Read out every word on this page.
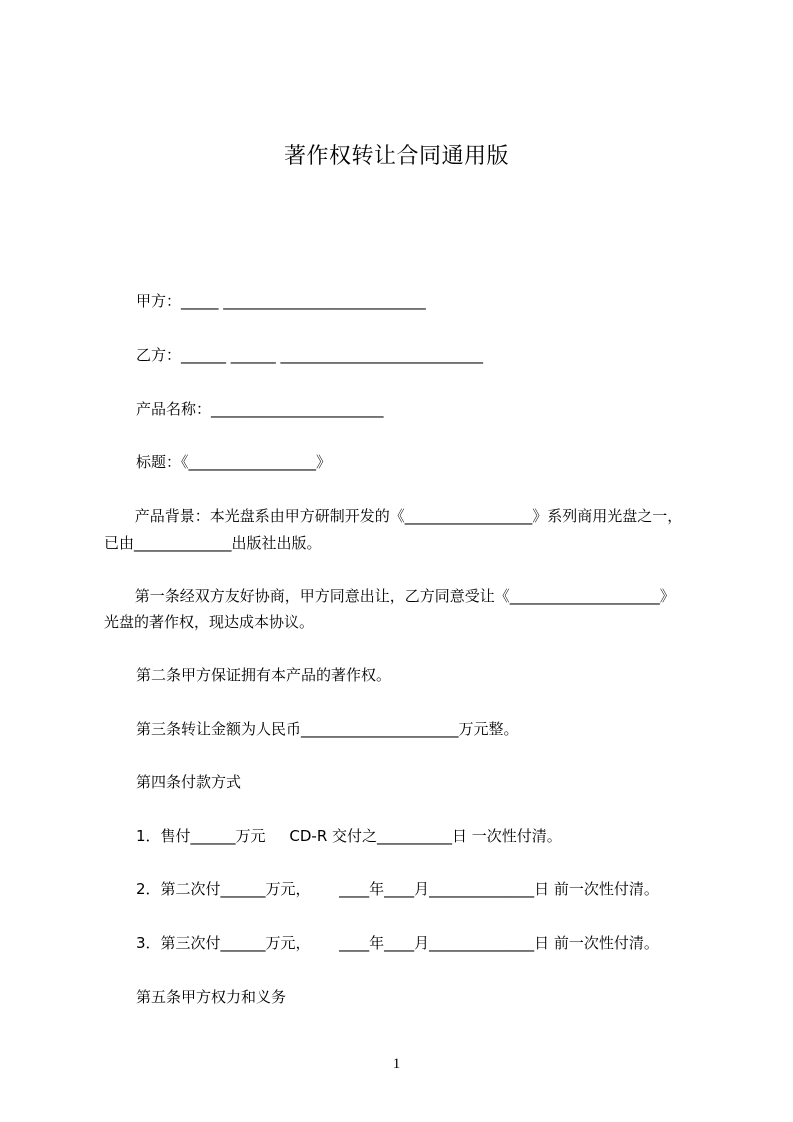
著作权转让合同通用版
甲方：_____ ___________________________
乙方：______ ______ ___________________________
产品名称：_______________________
标题：《_________________》
产品背景：本光盘系由甲方研制开发的《_________________》系列商用光盘之一，
已由_____________出版社出版。
第一条经双方友好协商，甲方同意出让，乙方同意受让《____________________》
光盘的著作权，现达成本协议。
第二条甲方保证拥有本产品的著作权。
第三条转让金额为人民币_____________________万元整。
第四条付款方式
1．售付______万元     CD-R 交付之__________日 一次性付清。
2．第二次付______万元，      ____年____月______________日 前一次性付清。
3．第三次付______万元，      ____年____月______________日 前一次性付清。
第五条甲方权力和义务
1
